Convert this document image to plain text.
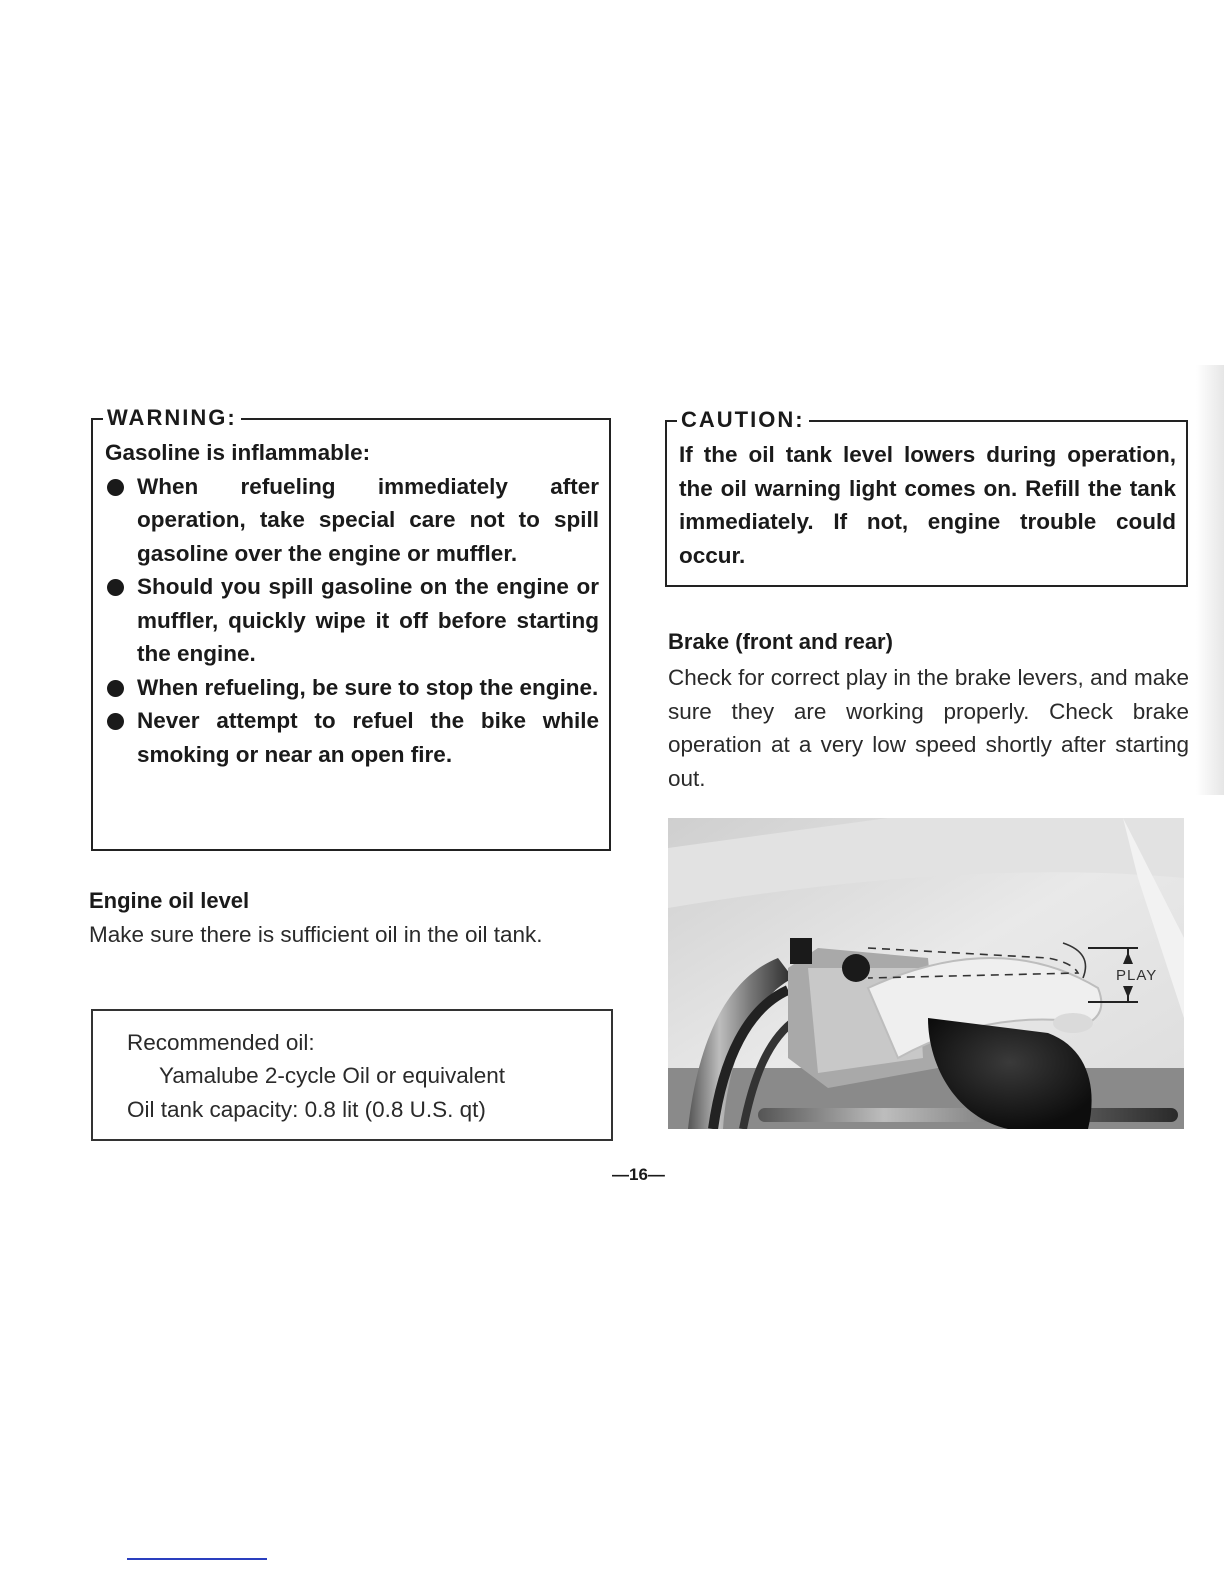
WARNING:
Gasoline is inflammable:
When refueling immediately after operation, take special care not to spill gasoline over the engine or muffler.
Should you spill gasoline on the engine or muffler, quickly wipe it off before starting the engine.
When refueling, be sure to stop the engine.
Never attempt to refuel the bike while smoking or near an open fire.
Engine oil level
Make sure there is sufficient oil in the oil tank.
Recommended oil:
Yamalube 2-cycle Oil or equivalent
Oil tank capacity: 0.8 lit (0.8 U.S. qt)
CAUTION:
If the oil tank level lowers during operation, the oil warning light comes on. Refill the tank immediately. If not, engine trouble could occur.
Brake (front and rear)
Check for correct play in the brake levers, and make sure they are working properly. Check brake operation at a very low speed shortly after starting out.
PLAY
—16—
